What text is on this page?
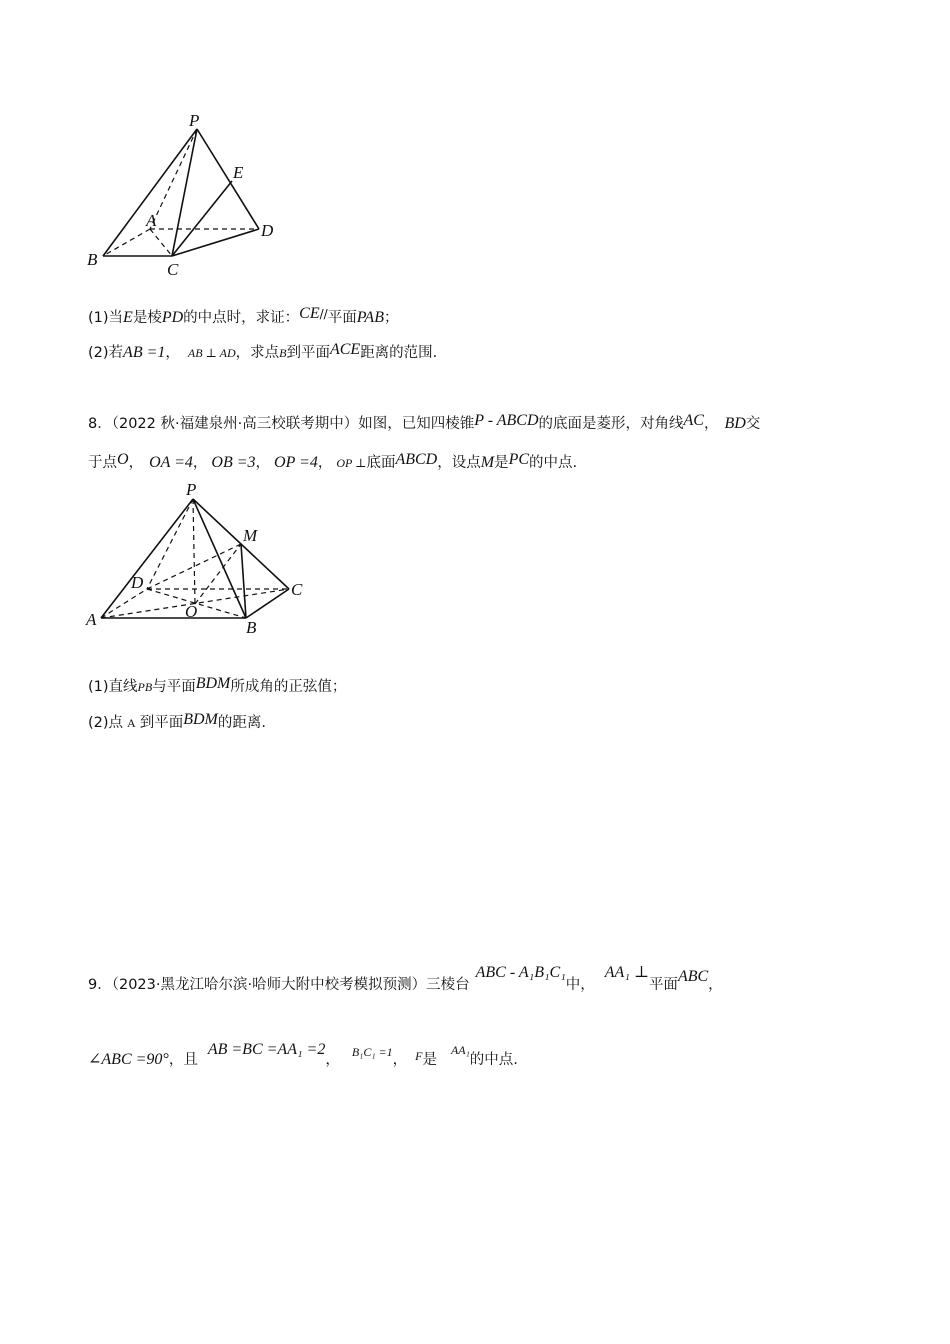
P
E
A
D
B
C
(1)当E是棱PD的中点时，求证：CE//平面PAB；
(2)若AB =1， AB ⊥ AD，求点B到平面ACE距离的范围.
8．（2022 秋·福建泉州·高三校联考期中）如图，已知四棱锥P - ABCD的底面是菱形，对角线AC， BD交
于点O， OA =4， OB =3， OP =4， OP ⊥底面ABCD，设点M是PC的中点.
P
M
D	C
A	O
B
(1)直线PB与平面BDM所成角的正弦值；
(2)点 A 到平面BDM的距离.
9．（2023·黑龙江哈尔滨·哈师大附中校考模拟预测）三棱台ABC - A₁B₁C₁中，AA₁ ⊥平面ABC，
∠ABC =90°，且AB =BC =AA₁ =2， $^{B_1C_1 =1}$， $^F$是$^{AA_1}$的中点.
